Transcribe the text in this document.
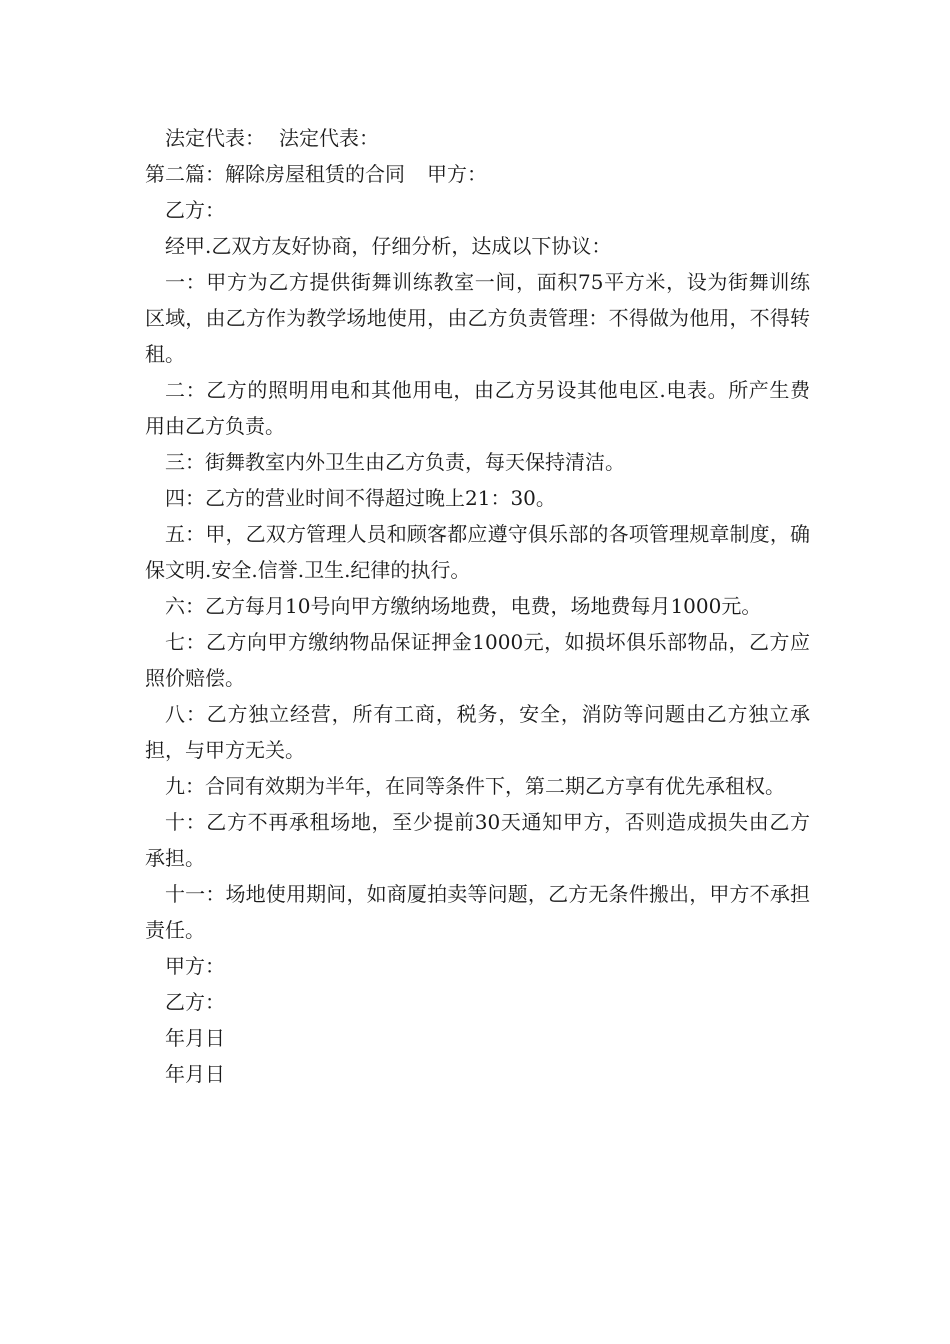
法定代表： 法定代表：

第二篇：解除房屋租赁的合同 甲方：

乙方：

经甲.乙双方友好协商，仔细分析，达成以下协议：

一：甲方为乙方提供街舞训练教室一间，面积75平方米，设为街舞训练区域，由乙方作为教学场地使用，由乙方负责管理：不得做为他用，不得转租。

二：乙方的照明用电和其他用电，由乙方另设其他电区.电表。所产生费用由乙方负责。

三：街舞教室内外卫生由乙方负责，每天保持清洁。

四：乙方的营业时间不得超过晚上21：30。

五：甲，乙双方管理人员和顾客都应遵守俱乐部的各项管理规章制度，确保文明.安全.信誉.卫生.纪律的执行。

六：乙方每月10号向甲方缴纳场地费，电费，场地费每月1000元。

七：乙方向甲方缴纳物品保证押金1000元，如损坏俱乐部物品，乙方应照价赔偿。

八：乙方独立经营，所有工商，税务，安全，消防等问题由乙方独立承担，与甲方无关。

九：合同有效期为半年，在同等条件下，第二期乙方享有优先承租权。

十：乙方不再承租场地，至少提前30天通知甲方，否则造成损失由乙方承担。

十一：场地使用期间，如商厦拍卖等问题，乙方无条件搬出，甲方不承担责任。

甲方：

乙方：

年月日

年月日
